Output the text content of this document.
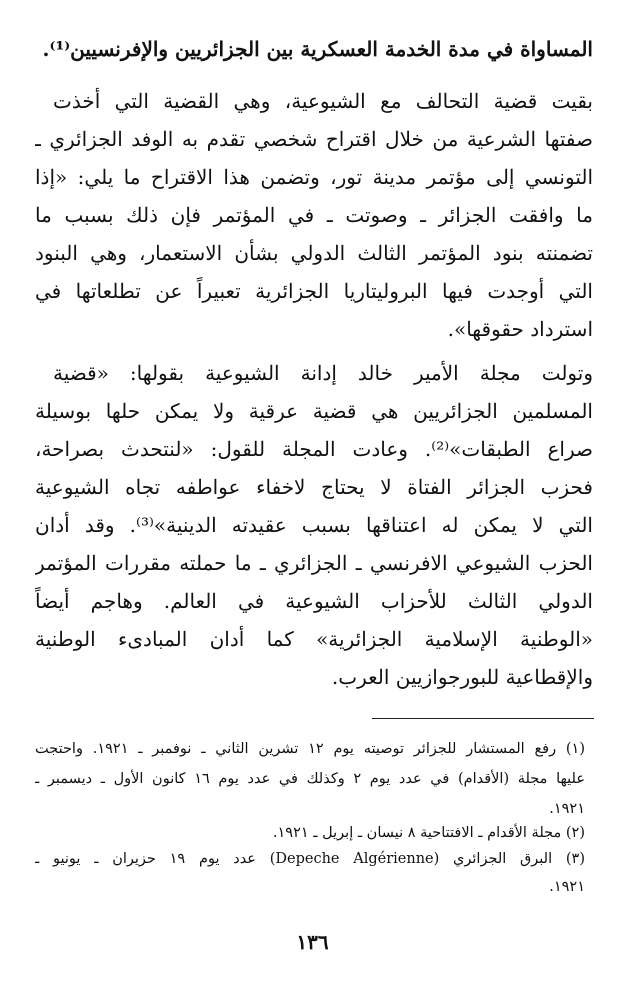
المساواة في مدة الخدمة العسكرية بين الجزائريين والإفرنسيين⁽¹⁾.
بقيت قضية التحالف مع الشيوعية، وهي القضية التي أخذت
صفتها الشرعية من خلال اقتراح شخصي تقدم به الوفد الجزائري ـ
التونسي إلى مؤتمر مدينة تور، وتضمن هذا الاقتراح ما يلي: «إذا
ما وافقت الجزائر ـ وصوتت ـ في المؤتمر فإن ذلك بسبب ما
تضمنته بنود المؤتمر الثالث الدولي بشأن الاستعمار، وهي البنود
التي أوجدت فيها البروليتاريا الجزائرية تعبيراً عن تطلعاتها في
استرداد حقوقها».
وتولت مجلة الأمير خالد إدانة الشيوعية بقولها: «قضية
المسلمين الجزائريين هي قضية عرقية ولا يمكن حلها بوسيلة
صراع الطبقات»⁽²⁾. وعادت المجلة للقول: «لنتحدث بصراحة،
فحزب الجزائر الفتاة لا يحتاج لاخفاء عواطفه تجاه الشيوعية
التي لا يمكن له اعتناقها بسبب عقيدته الدينية»⁽³⁾. وقد أدان
الحزب الشيوعي الافرنسي ـ الجزائري ـ ما حملته مقررات المؤتمر
الدولي الثالث للأحزاب الشيوعية في العالم. وهاجم أيضاً
«الوطنية الإسلامية الجزائرية» كما أدان المبادىء الوطنية
والإقطاعية للبورجوازيين العرب.
(١) رفع المستشار للجزائر توصيته يوم ١٢ تشرين الثاني ـ نوفمبر ـ ١٩٢١. واحتجت
عليها مجلة (الأقدام) في عدد يوم ٢ وكذلك في عدد يوم ١٦ كانون الأول ـ ديسمبر ـ
١٩٢١.
(٢) مجلة الأقدام ـ الافتتاحية ٨ نيسان ـ إبريل ـ ١٩٢١.
(٣) البرق الجزائري (Depeche Algérienne) عدد يوم ١٩ حزيران ـ يونيو ـ
١٩٢١.
١٣٦
